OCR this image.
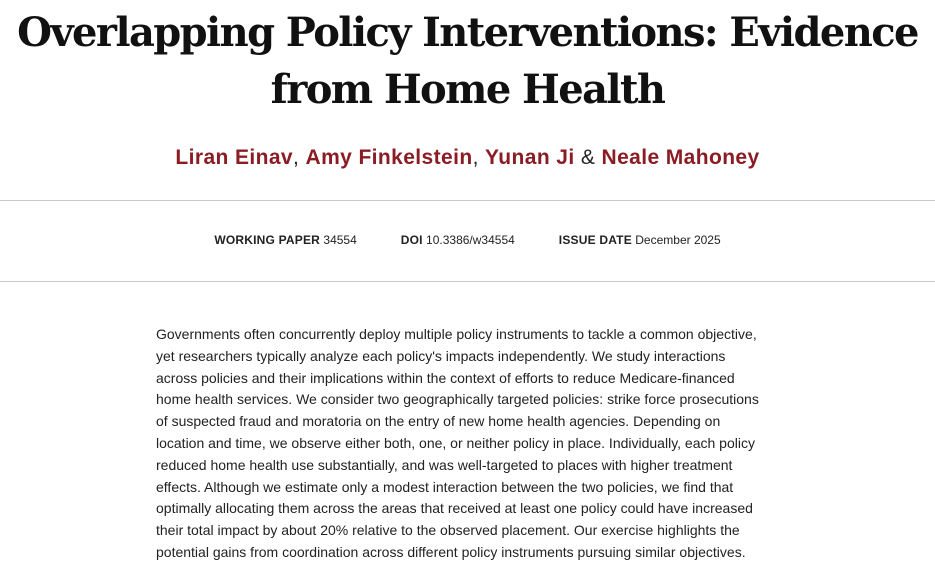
Overlapping Policy Interventions: Evidence
from Home Health
Liran Einav, Amy Finkelstein, Yunan Ji & Neale Mahoney
WORKING PAPER 34554	DOI 10.3386/w34554	ISSUE DATE December 2025

Governments often concurrently deploy multiple policy instruments to tackle a common objective,
yet researchers typically analyze each policy's impacts independently. We study interactions
across policies and their implications within the context of efforts to reduce Medicare-financed
home health services. We consider two geographically targeted policies: strike force prosecutions
of suspected fraud and moratoria on the entry of new home health agencies. Depending on
location and time, we observe either both, one, or neither policy in place. Individually, each policy
reduced home health use substantially, and was well-targeted to places with higher treatment
effects. Although we estimate only a modest interaction between the two policies, we find that
optimally allocating them across the areas that received at least one policy could have increased
their total impact by about 20% relative to the observed placement. Our exercise highlights the
potential gains from coordination across different policy instruments pursuing similar objectives.
